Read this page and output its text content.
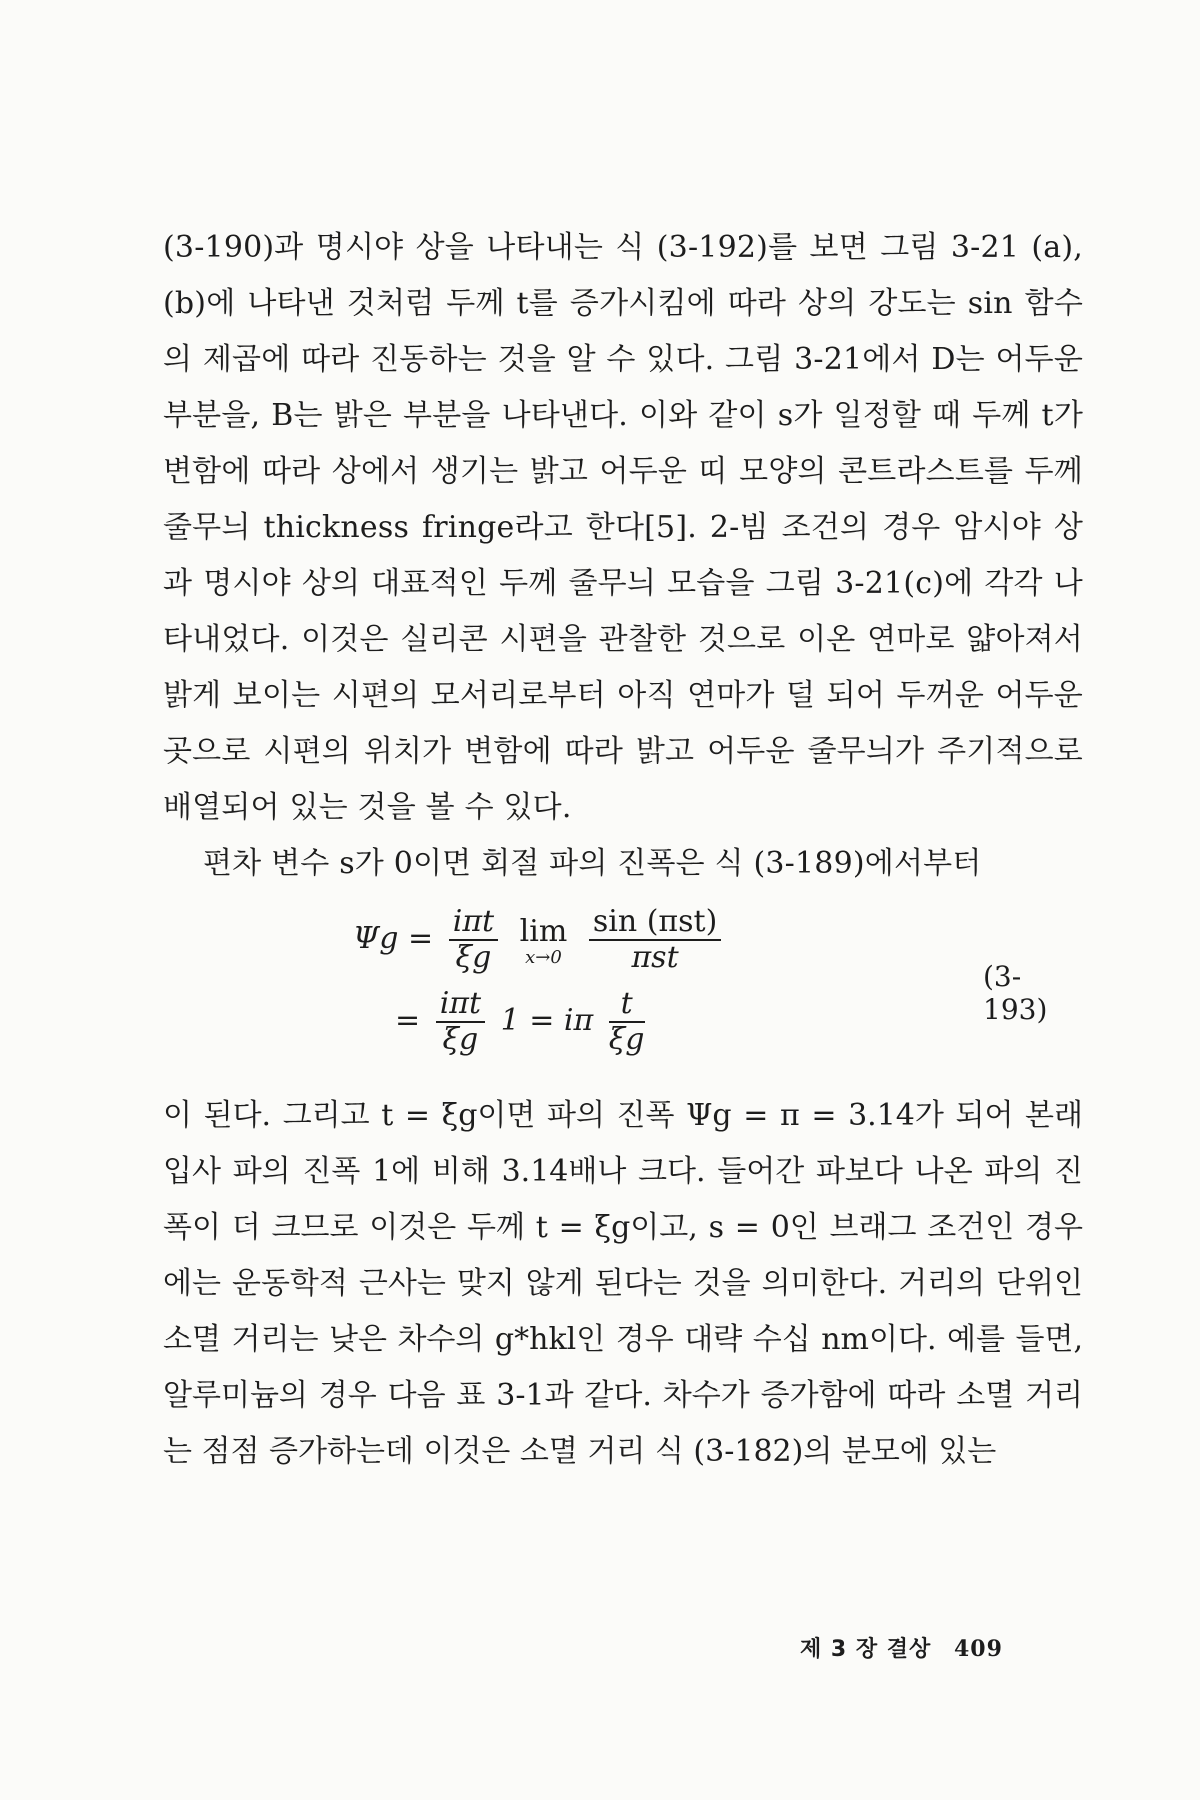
(3-190)과 명시야 상을 나타내는 식 (3-192)를 보면 그림 3-21 (a), (b)에 나타낸 것처럼 두께 t를 증가시킴에 따라 상의 강도는 sin 함수의 제곱에 따라 진동하는 것을 알 수 있다. 그림 3-21에서 D는 어두운 부분을, B는 밝은 부분을 나타낸다. 이와 같이 s가 일정할 때 두께 t가 변함에 따라 상에서 생기는 밝고 어두운 띠 모양의 콘트라스트를 두께 줄무늬 thickness fringe라고 한다[5]. 2-빔 조건의 경우 암시야 상과 명시야 상의 대표적인 두께 줄무늬 모습을 그림 3-21(c)에 각각 나타내었다. 이것은 실리콘 시편을 관찰한 것으로 이온 연마로 얇아져서 밝게 보이는 시편의 모서리로부터 아직 연마가 덜 되어 두꺼운 어두운 곳으로 시편의 위치가 변함에 따라 밝고 어두운 줄무늬가 주기적으로 배열되어 있는 것을 볼 수 있다.

편차 변수 s가 0이면 회절 파의 진폭은 식 (3-189)에서부터

$\Psi g = \frac{\text{iπt}}{\xi g}$ lim
x→0
$\frac{\text{sin (πst)}}{\text{πst}}$
= $\frac{\text{iπt}}{\xi g} 1 = i\pi \frac{t}{\xi g}$
(3-193)

이 된다. 그리고 t = ξg이면 파의 진폭 Ψg = π = 3.14가 되어 본래 입사 파의 진폭 1에 비해 3.14배나 크다. 들어간 파보다 나온 파의 진폭이 더 크므로 이것은 두께 t = ξg이고, s = 0인 브래그 조건인 경우에는 운동학적 근사는 맞지 않게 된다는 것을 의미한다. 거리의 단위인 소멸 거리는 낮은 차수의 g*hkl인 경우 대략 수십 nm이다. 예를 들면, 알루미늄의 경우 다음 표 3-1과 같다. 차수가 증가함에 따라 소멸 거리는 점점 증가하는데 이것은 소멸 거리 식 (3-182)의 분모에 있는

제 3 장 결상 409
